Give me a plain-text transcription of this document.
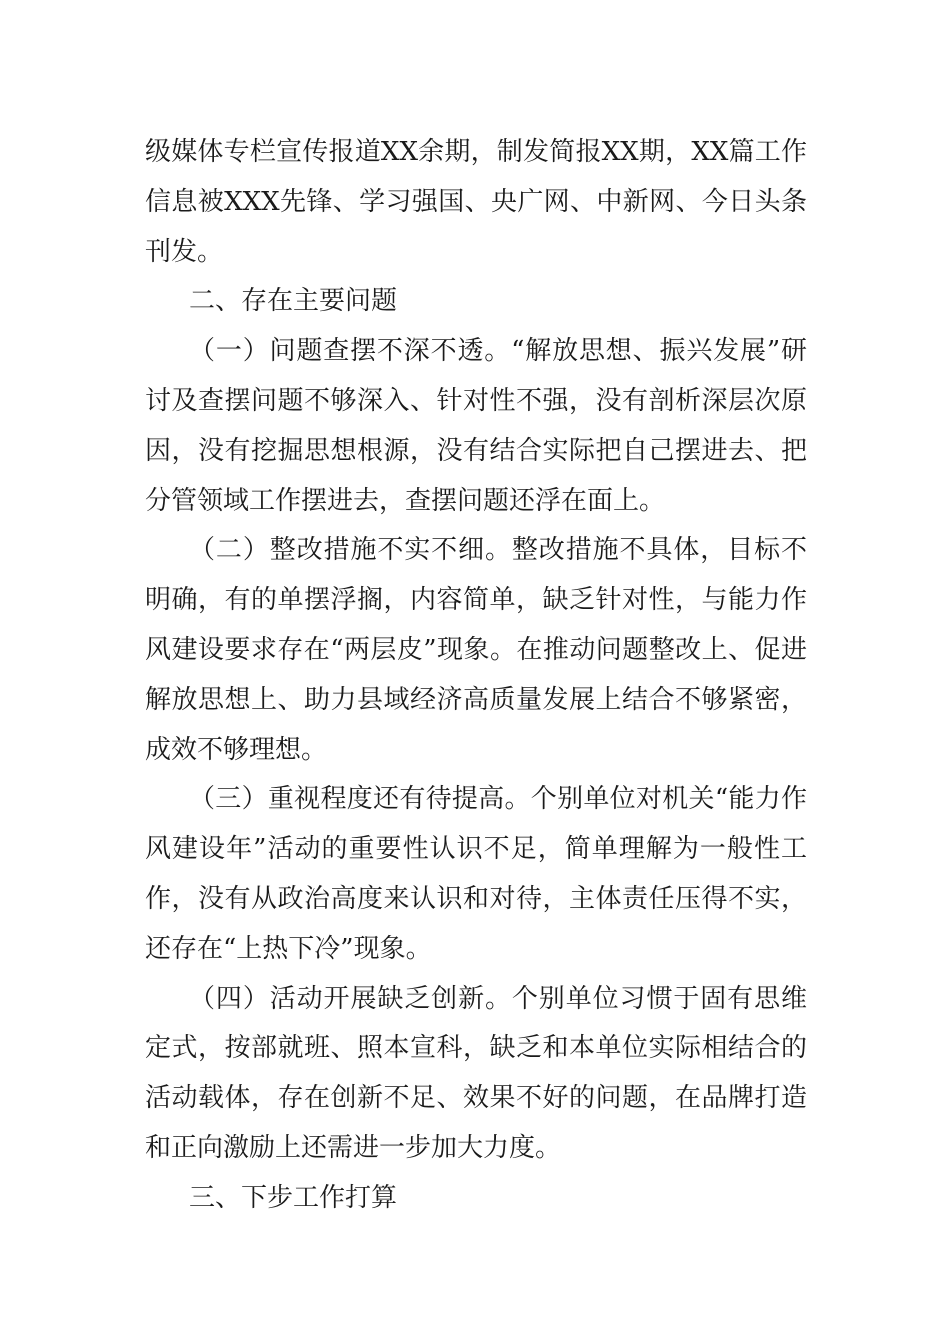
级媒体专栏宣传报道XX余期，制发简报XX期，XX篇工作信息被XXX先锋、学习强国、央广网、中新网、今日头条刊发。

二、存在主要问题

（一）问题查摆不深不透。“解放思想、振兴发展”研讨及查摆问题不够深入、针对性不强，没有剖析深层次原因，没有挖掘思想根源，没有结合实际把自己摆进去、把分管领域工作摆进去，查摆问题还浮在面上。

（二）整改措施不实不细。整改措施不具体，目标不明确，有的单摆浮搁，内容简单，缺乏针对性，与能力作风建设要求存在“两层皮”现象。在推动问题整改上、促进解放思想上、助力县域经济高质量发展上结合不够紧密，成效不够理想。

（三）重视程度还有待提高。个别单位对机关“能力作风建设年”活动的重要性认识不足，简单理解为一般性工作，没有从政治高度来认识和对待，主体责任压得不实，还存在“上热下冷”现象。

（四）活动开展缺乏创新。个别单位习惯于固有思维定式，按部就班、照本宣科，缺乏和本单位实际相结合的活动载体，存在创新不足、效果不好的问题，在品牌打造和正向激励上还需进一步加大力度。

三、下步工作打算
